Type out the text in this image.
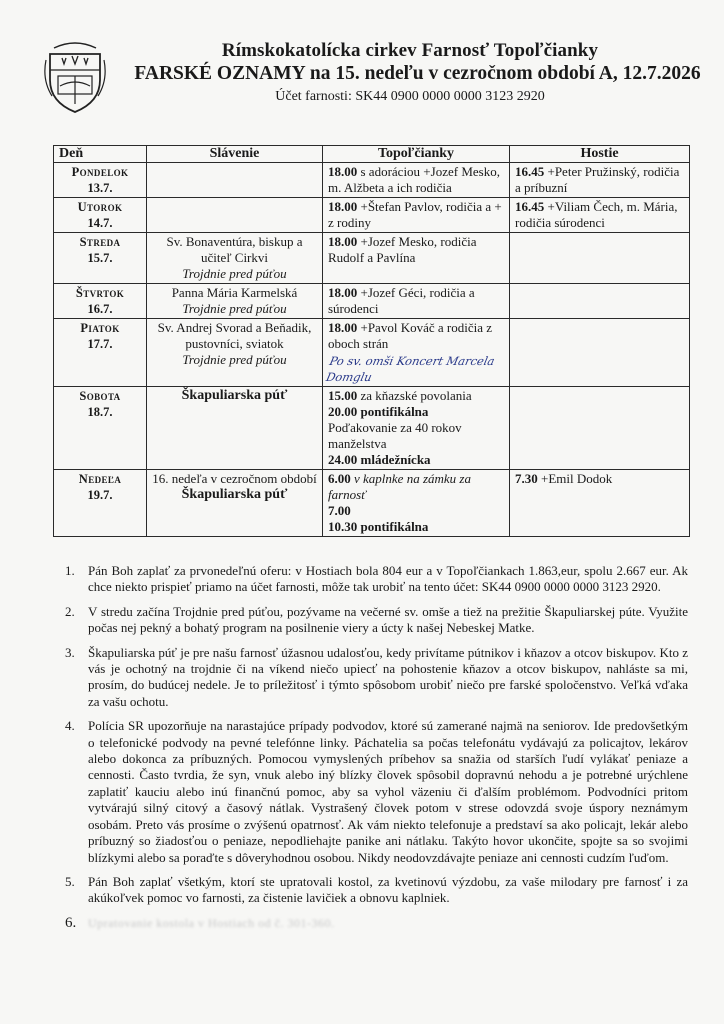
Rímskokatolícka cirkev Farnosť Topoľčianky
FARSKÉ OZNAMY na 15. nedeľu v cezročnom období A, 12.7.2026
Účet farnosti: SK44 0900 0000 0000 3123 2920
Deň	Slávenie	Topoľčianky	Hostie

Pondelok
13.7.		18.00 s adoráciou +Jozef Mesko, m. Alžbeta a ich rodičia	16.45 +Peter Pružinský, rodičia a príbuzní

Utorok
14.7.		18.00 +Štefan Pavlov, rodičia a + z rodiny	16.45 +Viliam Čech, m. Mária, rodičia súrodenci

Streda
15.7.	Sv. Bonaventúra, biskup a učiteľ Cirkvi
Trojdnie pred púťou	18.00 +Jozef Mesko, rodičia Rudolf a Pavlína	

Štvrtok
16.7.	Panna Mária Karmelská
Trojdnie pred púťou	18.00 +Jozef Géci, rodičia a súrodenci	

Piatok
17.7.	Sv. Andrej Svorad a Beňadik, pustovníci, sviatok
Trojdnie pred púťou	18.00 +Pavol Kováč a rodičia z oboch strán
Po sv. omši Koncert Marcela Domglu	

Sobota
18.7.	Škapuliarska púť	15.00 za kňazské povolania
20.00 pontifikálna
Poďakovanie za 40 rokov manželstva
24.00 mládežnícka	

Nedeľa
19.7.	16. nedeľa v cezročnom období
Škapuliarska púť	6.00 v kaplnke na zámku za farnosť
7.00
10.30 pontifikálna	7.30 +Emil Dodok
1. Pán Boh zaplať za prvonedeľnú oferu: v Hostiach bola 804 eur a v Topoľčiankach 1.863,eur, spolu 2.667 eur. Ak chce niekto prispieť priamo na účet farnosti, môže tak urobiť na tento účet: SK44 0900 0000 0000 3123 2920.
2. V stredu začína Trojdnie pred púťou, pozývame na večerné sv. omše a tiež na prežitie Škapuliarskej púte. Využite počas nej pekný a bohatý program na posilnenie viery a úcty k našej Nebeskej Matke.
3. Škapuliarska púť je pre našu farnosť úžasnou udalosťou, kedy privítame pútnikov i kňazov a otcov biskupov. Kto z vás je ochotný na trojdnie či na víkend niečo upiecť na pohostenie kňazov a otcov biskupov, nahláste sa mi, prosím, do budúcej nedele. Je to príležitosť i týmto spôsobom urobiť niečo pre farské spoločenstvo. Veľká vďaka za vašu ochotu.
4. Polícia SR upozorňuje na narastajúce prípady podvodov, ktoré sú zamerané najmä na seniorov. Ide predovšetkým o telefonické podvody na pevné telefónne linky. Páchatelia sa počas telefonátu vydávajú za policajtov, lekárov alebo dokonca za príbuzných. Pomocou vymyslených príbehov sa snažia od starších ľudí vylákať peniaze a cennosti. Často tvrdia, že syn, vnuk alebo iný blízky človek spôsobil dopravnú nehodu a je potrebné urýchlene zaplatiť kauciu alebo inú finančnú pomoc, aby sa vyhol väzeniu či ďalším problémom. Podvodníci pritom vytvárajú silný citový a časový nátlak. Vystrašený človek potom v strese odovzdá svoje úspory neznámym osobám. Preto vás prosíme o zvýšenú opatrnosť. Ak vám niekto telefonuje a predstaví sa ako policajt, lekár alebo príbuzný so žiadosťou o peniaze, nepodliehajte panike ani nátlaku. Takýto hovor ukončite, spojte sa so svojimi blízkymi alebo sa poraďte s dôveryhodnou osobou. Nikdy neodovzdávajte peniaze ani cennosti cudzím ľuďom.
5. Pán Boh zaplať všetkým, ktorí ste upratovali kostol, za kvetinovú výzdobu, za vaše milodary pre farnosť i za akúkoľvek pomoc vo farnosti, za čistenie lavičiek a obnovu kaplniek.
6. Upratovanie kostola v Hostiach od č. 301-360.
